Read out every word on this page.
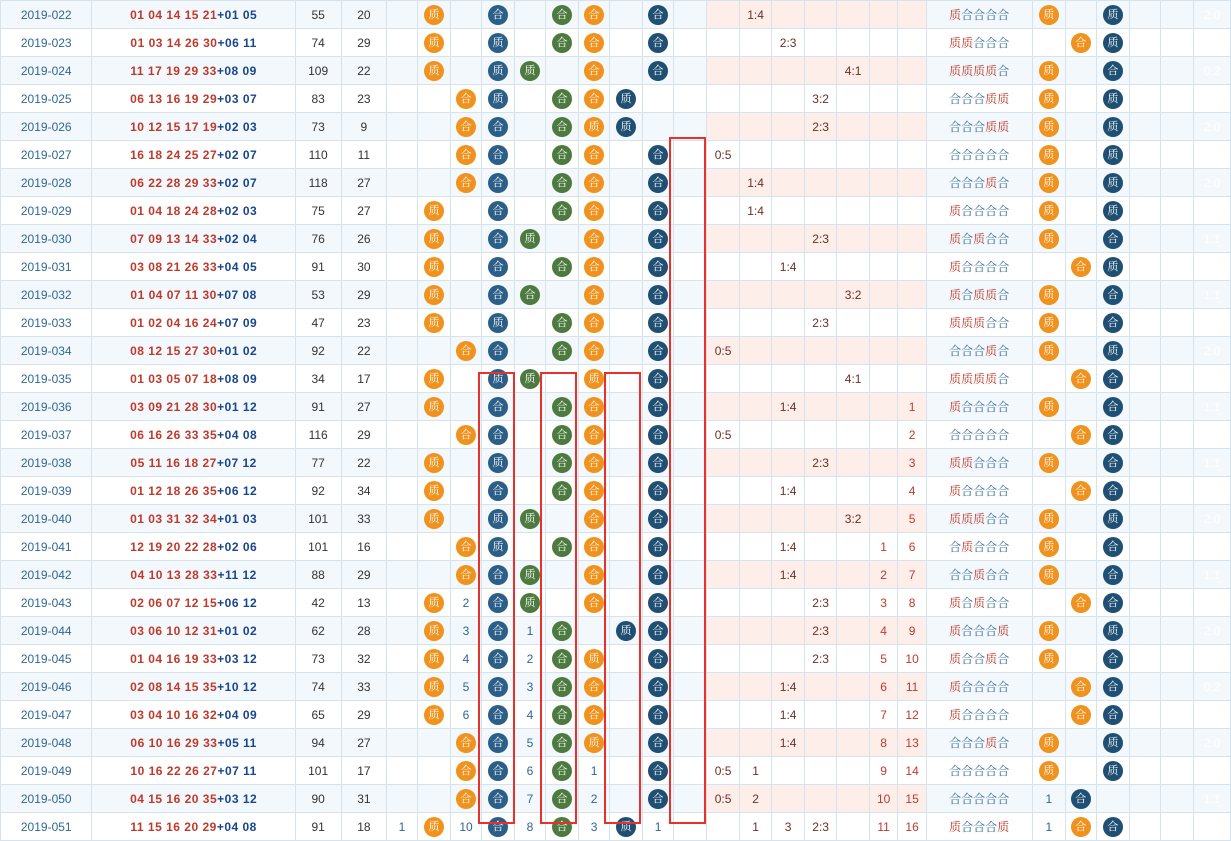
2019-022	01 04 14 15 21+01 05	55	20		质		合		合	合		合			1:4						质合合合合	质		质			2:0
2019-023	01 03 14 26 30+06 11	74	29		质		质		合	合		合				2:3					质质合合合		合	质			1:1
2019-024	11 17 19 29 33+08 09	109	22		质		质	质		合		合						4:1			质质质质合	质		合			0:2
2019-025	06 13 16 19 29+03 07	83	23			合	质		合	合	质						3:2				合合合质质	质		质			2:0
2019-026	10 12 15 17 19+02 03	73	9			合	合		合	质	质						2:3				合合合质质	质		质			2:0
2019-027	16 18 24 25 27+02 07	110	11			合	合		合	合		合		0:5							合合合合合	质		质			2:0
2019-028	06 22 28 29 33+02 07	118	27			合	合		合	合		合			1:4						合合合质合	质		质			2:0
2019-029	01 04 18 24 28+02 03	75	27		质		合		合	合		合			1:4						质合合合合	质		质			2:0
2019-030	07 09 13 14 33+02 04	76	26		质		合	质		合		合					2:3				质合质合合	质		合			1:1
2019-031	03 08 21 26 33+04 05	91	30		质		合		合	合		合				1:4					质合合合合		合	质			1:1
2019-032	01 04 07 11 30+07 08	53	29		质		合	合		合		合						3:2			质合质质合	质		合			1:1
2019-033	01 02 04 16 24+07 09	47	23		质		质		合	合		合					2:3				质质质合合	质		合			1:1
2019-034	08 12 15 27 30+01 02	92	22			合	合		合	合		合		0:5							合合合质合	质		质			2:0
2019-035	01 03 05 07 18+08 09	34	17		质		质	质		质		合						4:1			质质质质合		合	合			0:2
2019-036	03 09 21 28 30+01 12	91	27		质		合		合	合		合				1:4				1	质合合合合	质		合			1:1
2019-037	06 16 26 33 35+04 08	116	29			合	合		合	合		合		0:5						2	合合合合合		合	合			0:2
2019-038	05 11 16 18 27+07 12	77	22		质		质		合	合		合					2:3			3	质质合合合	质		合			1:1
2019-039	01 12 18 26 35+06 12	92	34		质		合		合	合		合				1:4				4	质合合合合		合	合			0:2
2019-040	01 03 31 32 34+01 03	101	33		质		质	质		合		合						3:2		5	质质质合合	质		质			2:0
2019-041	12 19 20 22 28+02 06	101	16			合	质		合	合		合				1:4			1	6	合质合合合	质		合			1:1
2019-042	04 10 13 28 33+11 12	88	29			合	合	质		合		合				1:4			2	7	合合质合合	质		合			1:1
2019-043	02 06 07 12 15+06 12	42	13		质	2	合	质		合		合					2:3		3	8	质合质合合		合	合			0:2
2019-044	03 06 10 12 31+01 02	62	28		质	3	合	1	合		质	合					2:3		4	9	质合合合质	质		质			2:0
2019-045	01 04 16 19 33+03 12	73	32		质	4	合	2	合	质		合					2:3		5	10	质合合质合	质		合			1:1
2019-046	02 08 14 15 35+10 12	74	33		质	5	合	3	合	合		合				1:4			6	11	质合合合合		合	合			0:2
2019-047	03 04 10 16 32+04 09	65	29		质	6	合	4	合	合		合				1:4			7	12	质合合合合		合	合			0:2
2019-048	06 10 16 29 33+05 11	94	27			合	合	5	合	质		合				1:4			8	13	合合合质合	质		质			2:0
2019-049	10 16 22 26 27+07 11	101	17			合	合	6	合	1		合		0:5	1				9	14	合合合合合	质		质			2:0
2019-050	04 15 16 20 35+03 12	90	31			合	合	7	合	2		合		0:5	2				10	15	合合合合合	1	合				1:1
2019-051	11 15 16 20 29+04 08	91	18	1	质	10	合	8	合	3	质	1			1	3	2:3		11	16	质合合合质	1	合	合			0:2
